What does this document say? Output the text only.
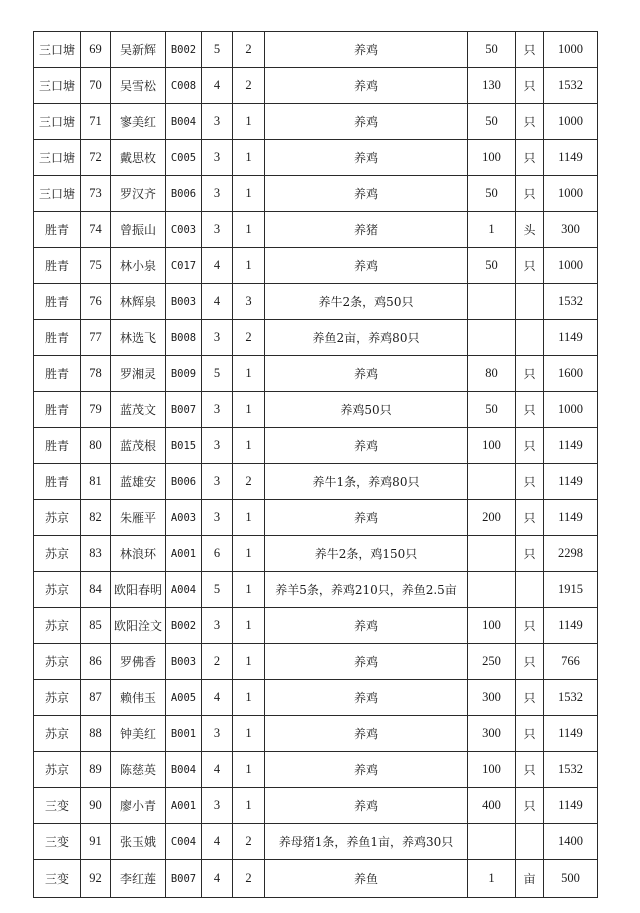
三口塘	69	吴新辉	B002	5	2	养鸡	50	只	1000
三口塘	70	吴雪松	C008	4	2	养鸡	130	只	1532
三口塘	71	寥美红	B004	3	1	养鸡	50	只	1000
三口塘	72	戴思枚	C005	3	1	养鸡	100	只	1149
三口塘	73	罗汉齐	B006	3	1	养鸡	50	只	1000
胜青	74	曾振山	C003	3	1	养猪	1	头	300
胜青	75	林小泉	C017	4	1	养鸡	50	只	1000
胜青	76	林辉泉	B003	4	3	养牛2条，鸡50只			1532
胜青	77	林选飞	B008	3	2	养鱼2亩，养鸡80只			1149
胜青	78	罗湘灵	B009	5	1	养鸡	80	只	1600
胜青	79	蓝茂文	B007	3	1	养鸡50只	50	只	1000
胜青	80	蓝茂根	B015	3	1	养鸡	100	只	1149
胜青	81	蓝雄安	B006	3	2	养牛1条，养鸡80只		只	1149
苏京	82	朱雁平	A003	3	1	养鸡	200	只	1149
苏京	83	林浪环	A001	6	1	养牛2条，鸡150只		只	2298
苏京	84	欧阳春明	A004	5	1	养羊5条，养鸡210只，养鱼2.5亩			1915
苏京	85	欧阳洤文	B002	3	1	养鸡	100	只	1149
苏京	86	罗佛香	B003	2	1	养鸡	250	只	766
苏京	87	赖伟玉	A005	4	1	养鸡	300	只	1532
苏京	88	钟美红	B001	3	1	养鸡	300	只	1149
苏京	89	陈慈英	B004	4	1	养鸡	100	只	1532
三变	90	廖小青	A001	3	1	养鸡	400	只	1149
三变	91	张玉娥	C004	4	2	养母猪1条，养鱼1亩，养鸡30只			1400
三变	92	李红莲	B007	4	2	养鱼	1	亩	500
